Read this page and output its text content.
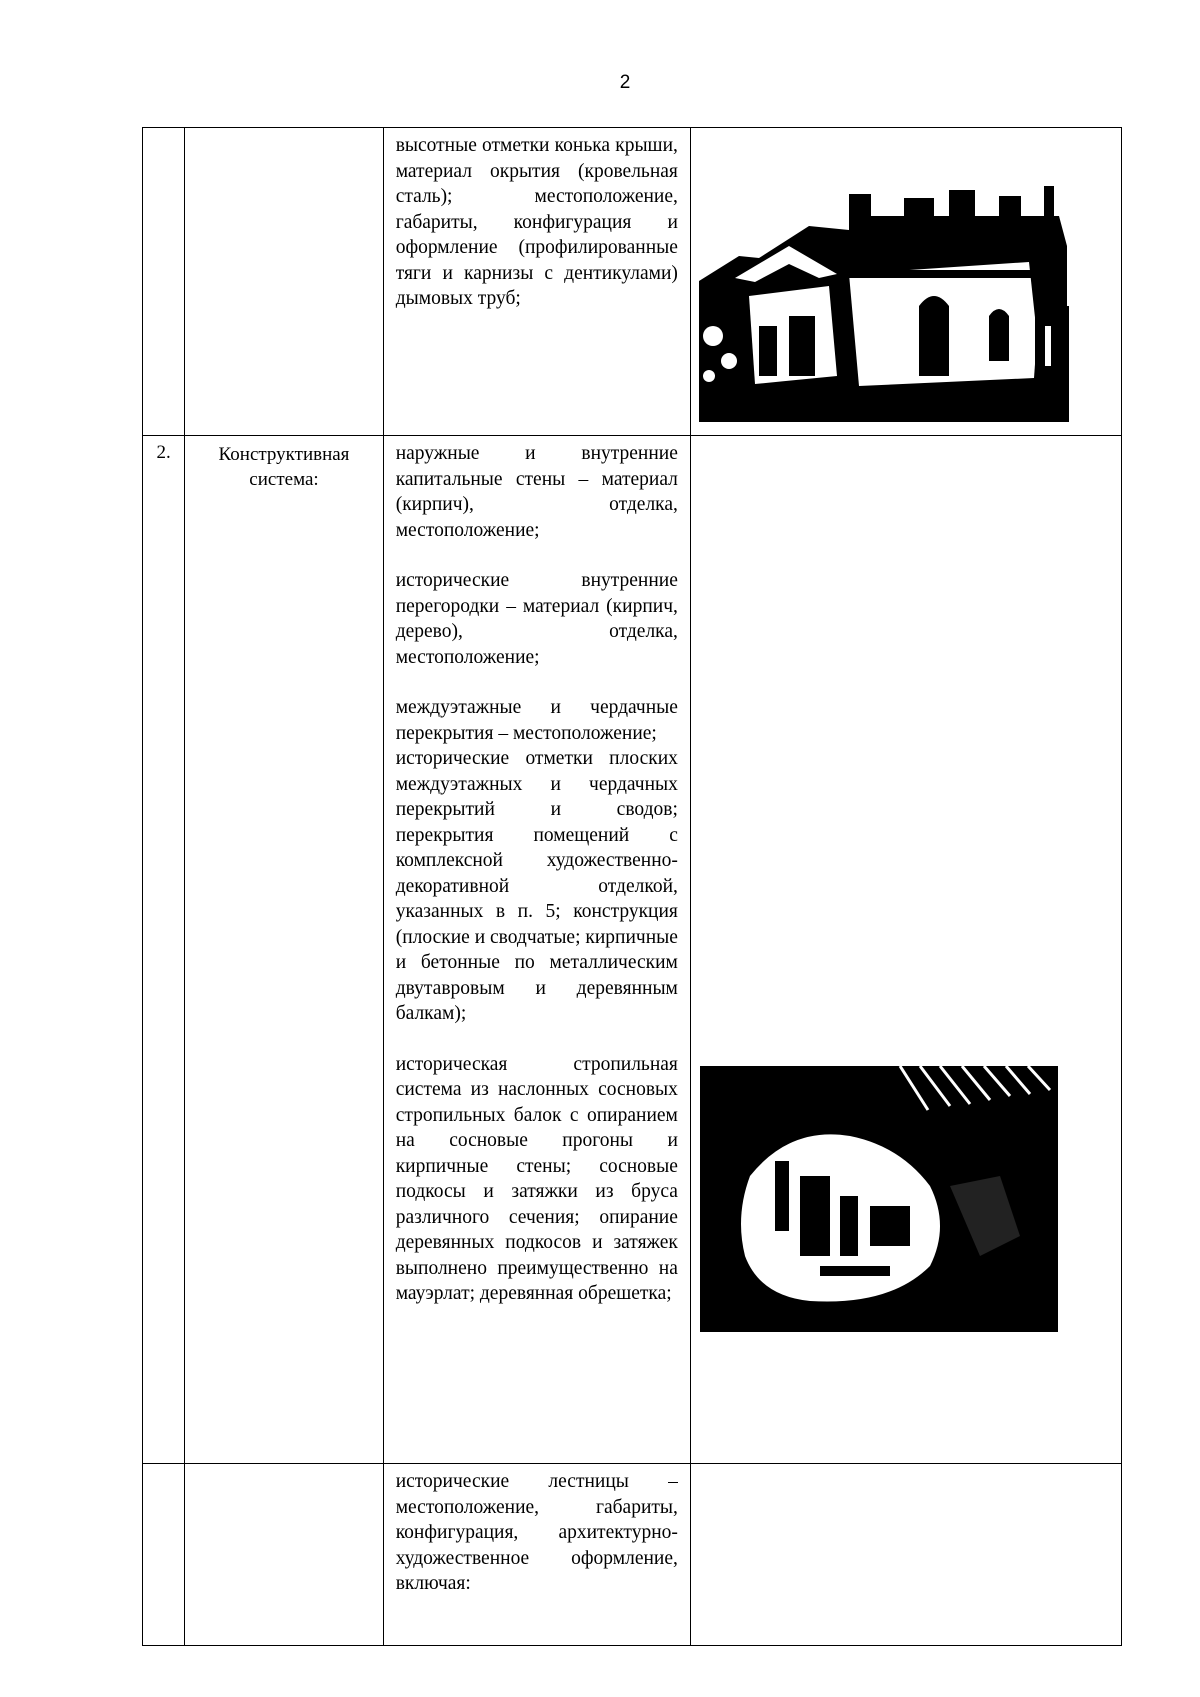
2

		высотные отметки конька крыши, материал окрытия (кровельная сталь); местоположение, габариты, конфигурация и оформление (профилированные тяги и карнизы с дентикулами) дымовых труб;

2.	Конструктивная система:	наружные и внутренние капитальные стены – материал (кирпич), отделка, местоположение;

исторические внутренние перегородки – материал (кирпич, дерево), отделка, местоположение;

междуэтажные и чердачные перекрытия – местоположение;

исторические отметки плоских междуэтажных и чердачных перекрытий и сводов; перекрытия помещений с комплексной художественно-декоративной отделкой, указанных в п. 5; конструкция (плоские и сводчатые; кирпичные и бетонные по металлическим двутавровым и деревянным балкам);

историческая стропильная система из наслонных сосновых стропильных балок с опиранием на сосновые прогоны и кирпичные стены; сосновые подкосы и затяжки из бруса различного сечения; опирание деревянных подкосов и затяжек выполнено преимущественно на мауэрлат; деревянная обрешетка;

		исторические лестницы – местоположение, габариты, конфигурация, архитектурно-художественное оформление, включая:	
